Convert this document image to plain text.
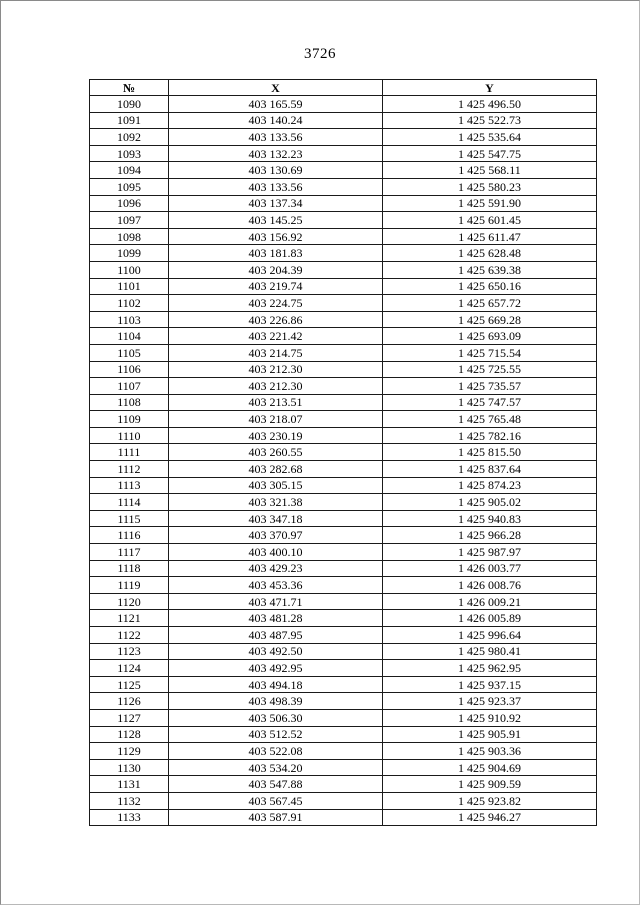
3726
№	X	Y
1090	403 165.59	1 425 496.50
1091	403 140.24	1 425 522.73
1092	403 133.56	1 425 535.64
1093	403 132.23	1 425 547.75
1094	403 130.69	1 425 568.11
1095	403 133.56	1 425 580.23
1096	403 137.34	1 425 591.90
1097	403 145.25	1 425 601.45
1098	403 156.92	1 425 611.47
1099	403 181.83	1 425 628.48
1100	403 204.39	1 425 639.38
1101	403 219.74	1 425 650.16
1102	403 224.75	1 425 657.72
1103	403 226.86	1 425 669.28
1104	403 221.42	1 425 693.09
1105	403 214.75	1 425 715.54
1106	403 212.30	1 425 725.55
1107	403 212.30	1 425 735.57
1108	403 213.51	1 425 747.57
1109	403 218.07	1 425 765.48
1110	403 230.19	1 425 782.16
1111	403 260.55	1 425 815.50
1112	403 282.68	1 425 837.64
1113	403 305.15	1 425 874.23
1114	403 321.38	1 425 905.02
1115	403 347.18	1 425 940.83
1116	403 370.97	1 425 966.28
1117	403 400.10	1 425 987.97
1118	403 429.23	1 426 003.77
1119	403 453.36	1 426 008.76
1120	403 471.71	1 426 009.21
1121	403 481.28	1 426 005.89
1122	403 487.95	1 425 996.64
1123	403 492.50	1 425 980.41
1124	403 492.95	1 425 962.95
1125	403 494.18	1 425 937.15
1126	403 498.39	1 425 923.37
1127	403 506.30	1 425 910.92
1128	403 512.52	1 425 905.91
1129	403 522.08	1 425 903.36
1130	403 534.20	1 425 904.69
1131	403 547.88	1 425 909.59
1132	403 567.45	1 425 923.82
1133	403 587.91	1 425 946.27
